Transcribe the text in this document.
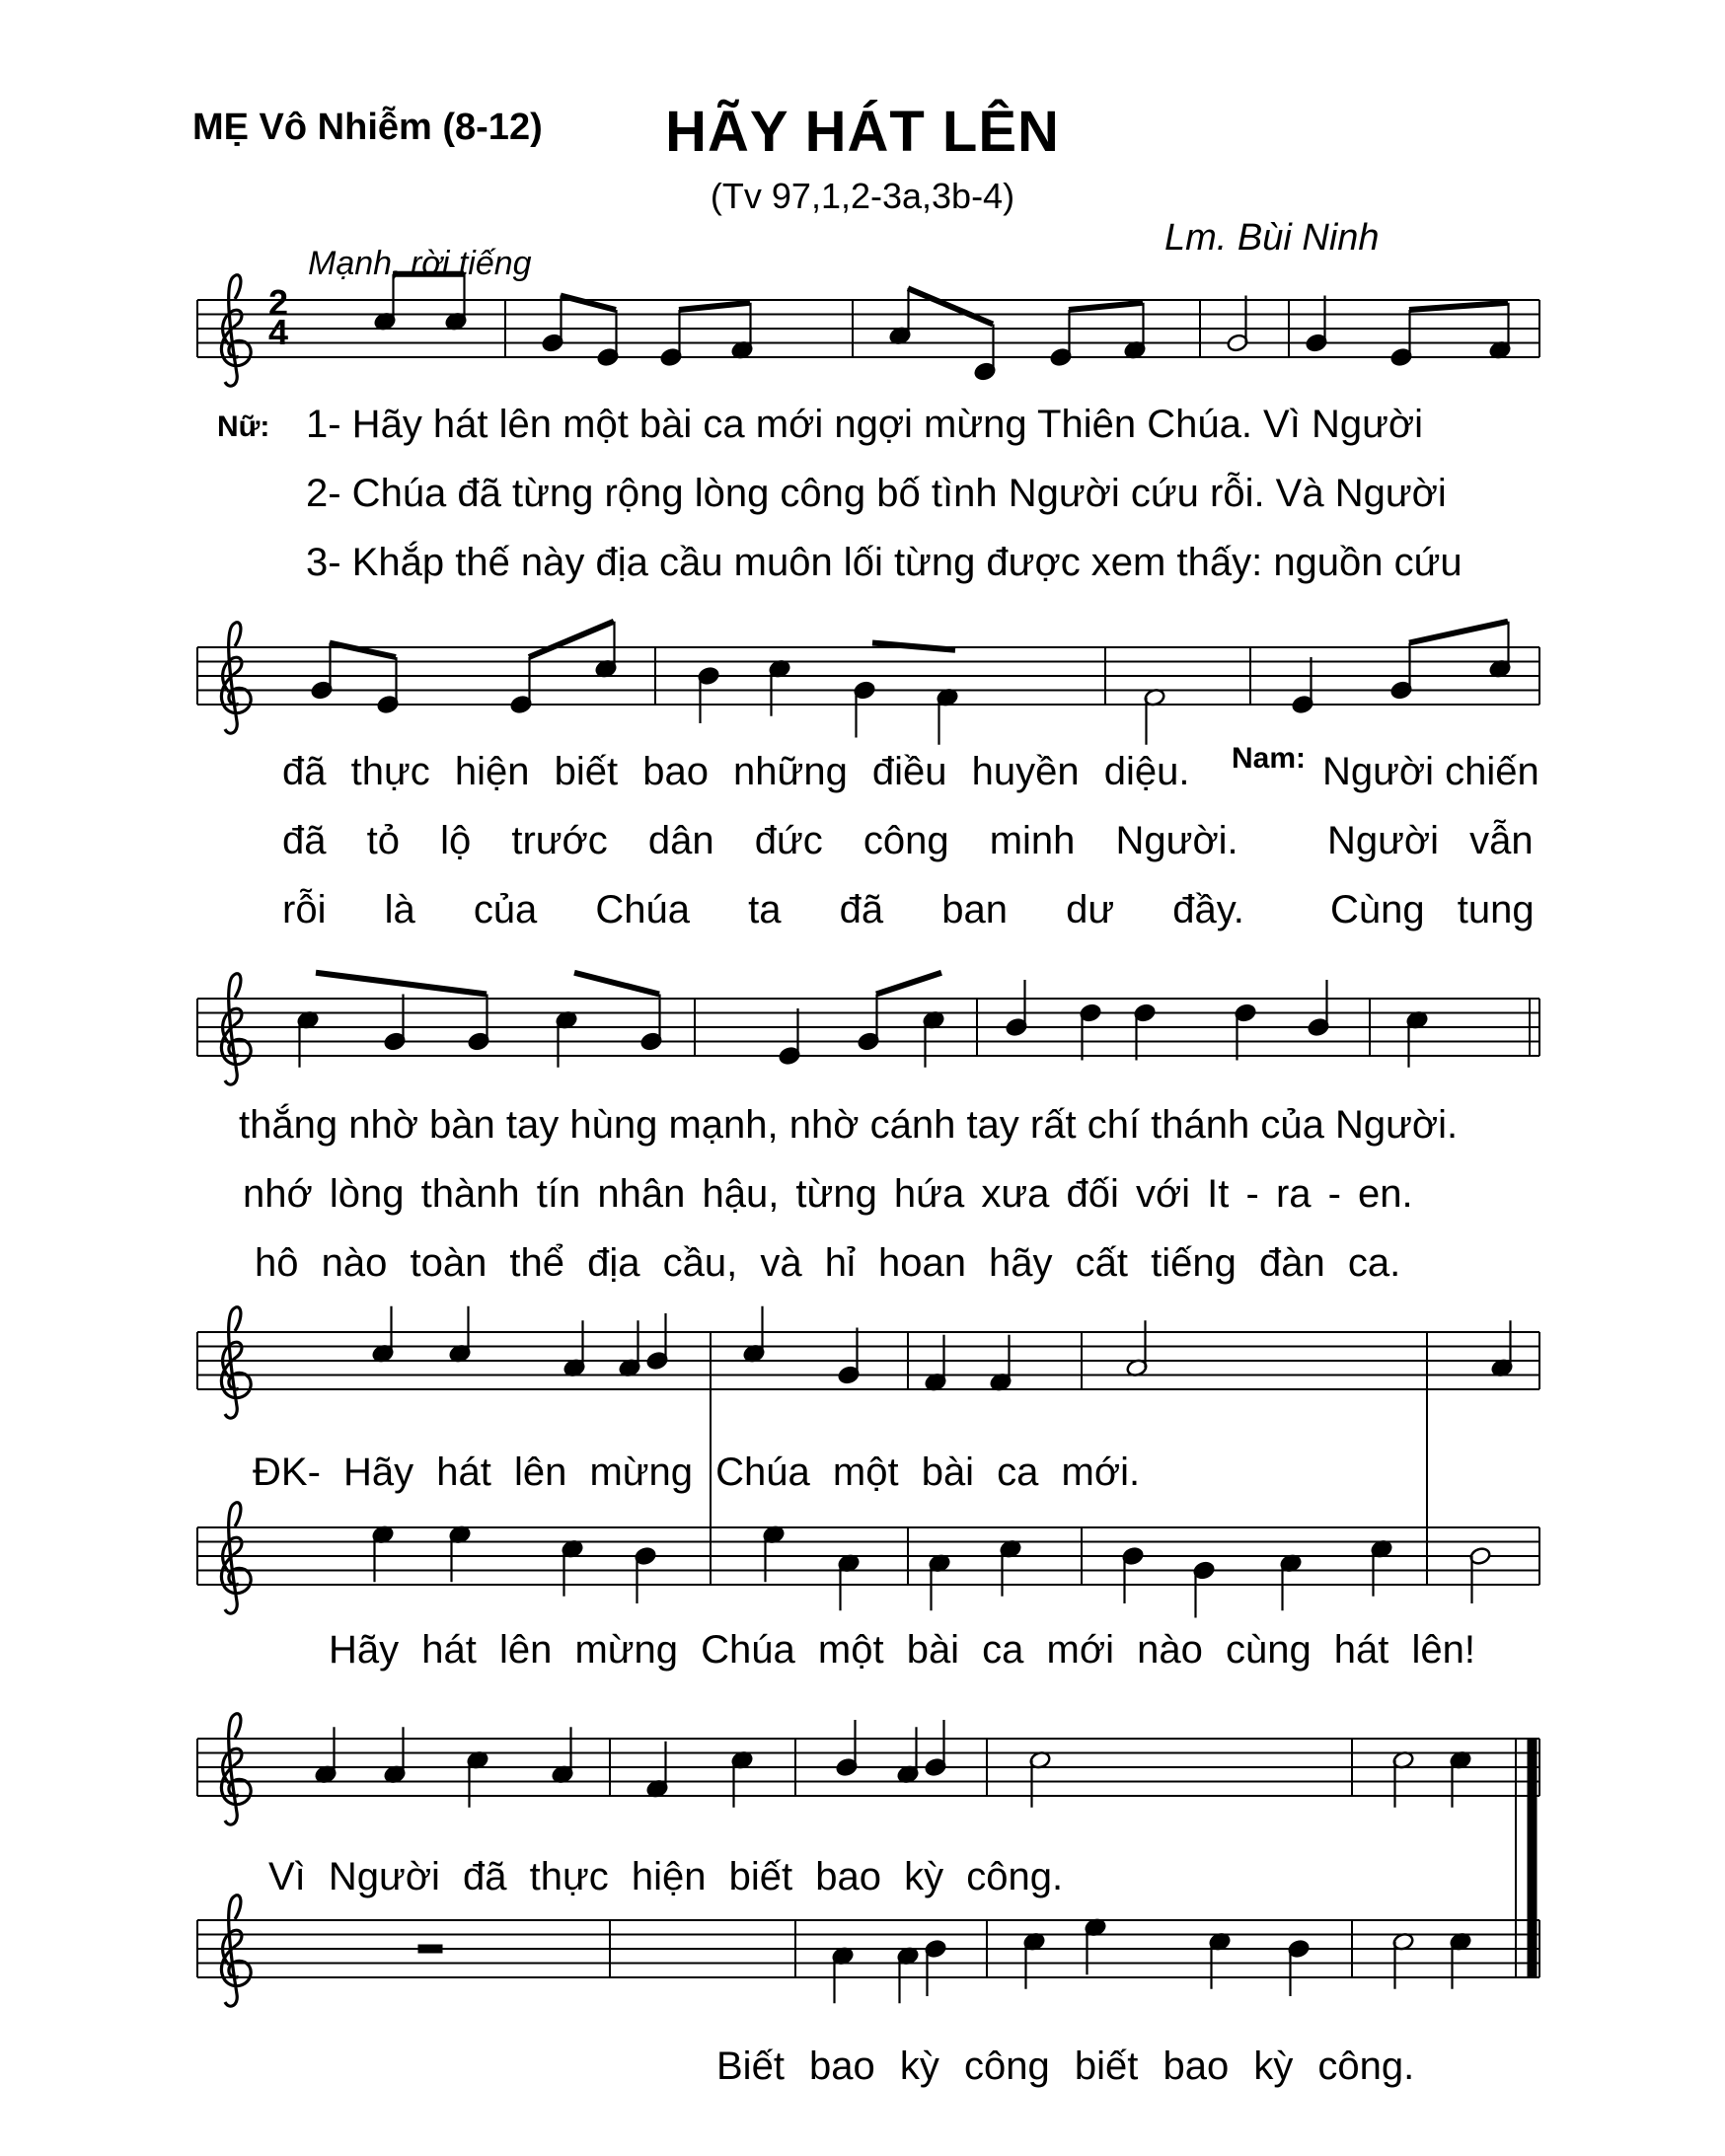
MẸ Vô Nhiễm (8-12)	HÃY HÁT LÊN
(Tv 97,1,2-3a,3b-4)
Lm. Bùi Ninh
Mạnh, rời tiếng
Nữ: 1- Hãy hát lên một bài ca mới ngợi mừng Thiên Chúa. Vì Người
2- Chúa đã từng rộng lòng công bố tình Người cứu rỗi. Và Người
3- Khắp thế này địa cầu muôn lối từng được xem thấy: nguồn cứu
đã thực hiện biết bao những điều huyền diệu. Nam: Người chiến
đã tỏ lộ trước dân đức công minh Người. Người vẫn
rỗi là của Chúa ta đã ban dư đầy. Cùng tung
thắng nhờ bàn tay hùng mạnh, nhờ cánh tay rất chí thánh của Người.
nhớ lòng thành tín nhân hậu, từng hứa xưa đối với It - ra - en.
hô nào toàn thể địa cầu, và hỉ hoan hãy cất tiếng đàn ca.
ĐK- Hãy hát lên mừng Chúa một bài ca mới.
Hãy hát lên mừng Chúa một bài ca mới nào cùng hát lên!
Vì Người đã thực hiện biết bao kỳ công.
Biết bao kỳ công biết bao kỳ công.
2
4
